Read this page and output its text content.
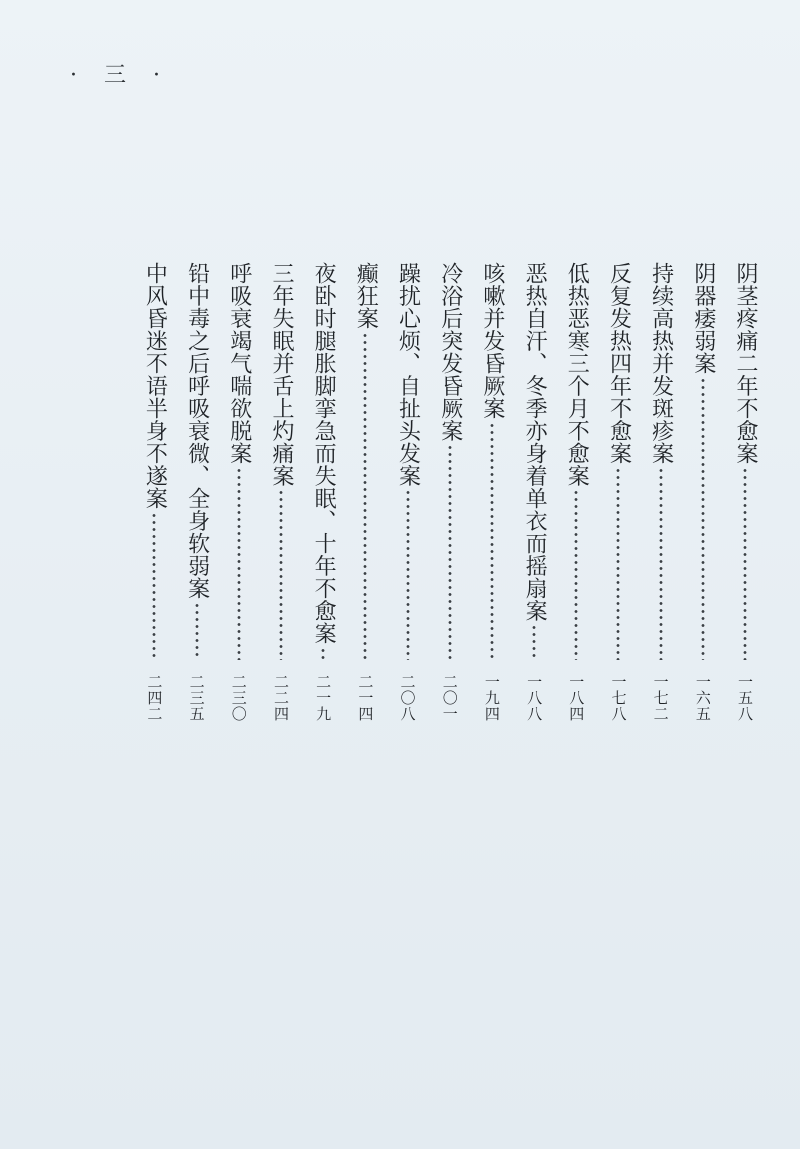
· 三 ·
阴茎疼痛二年不愈案
一五八
阴器痿弱案
一六五
持续高热并发斑疹案
一七二
反复发热四年不愈案
一七八
低热恶寒三个月不愈案
一八四
恶热自汗、冬季亦身着单衣而摇扇案
一八八
咳嗽并发昏厥案
一九四
冷浴后突发昏厥案
二〇一
躁扰心烦、自扯头发案
二〇八
癫狂案
二一四
夜卧时腿胀脚挛急而失眠、十年不愈案
二一九
三年失眠并舌上灼痛案
二二四
呼吸衰竭气喘欲脱案
二三〇
铅中毒之后呼吸衰微、全身软弱案
二三五
中风昏迷不语半身不遂案
二四二
